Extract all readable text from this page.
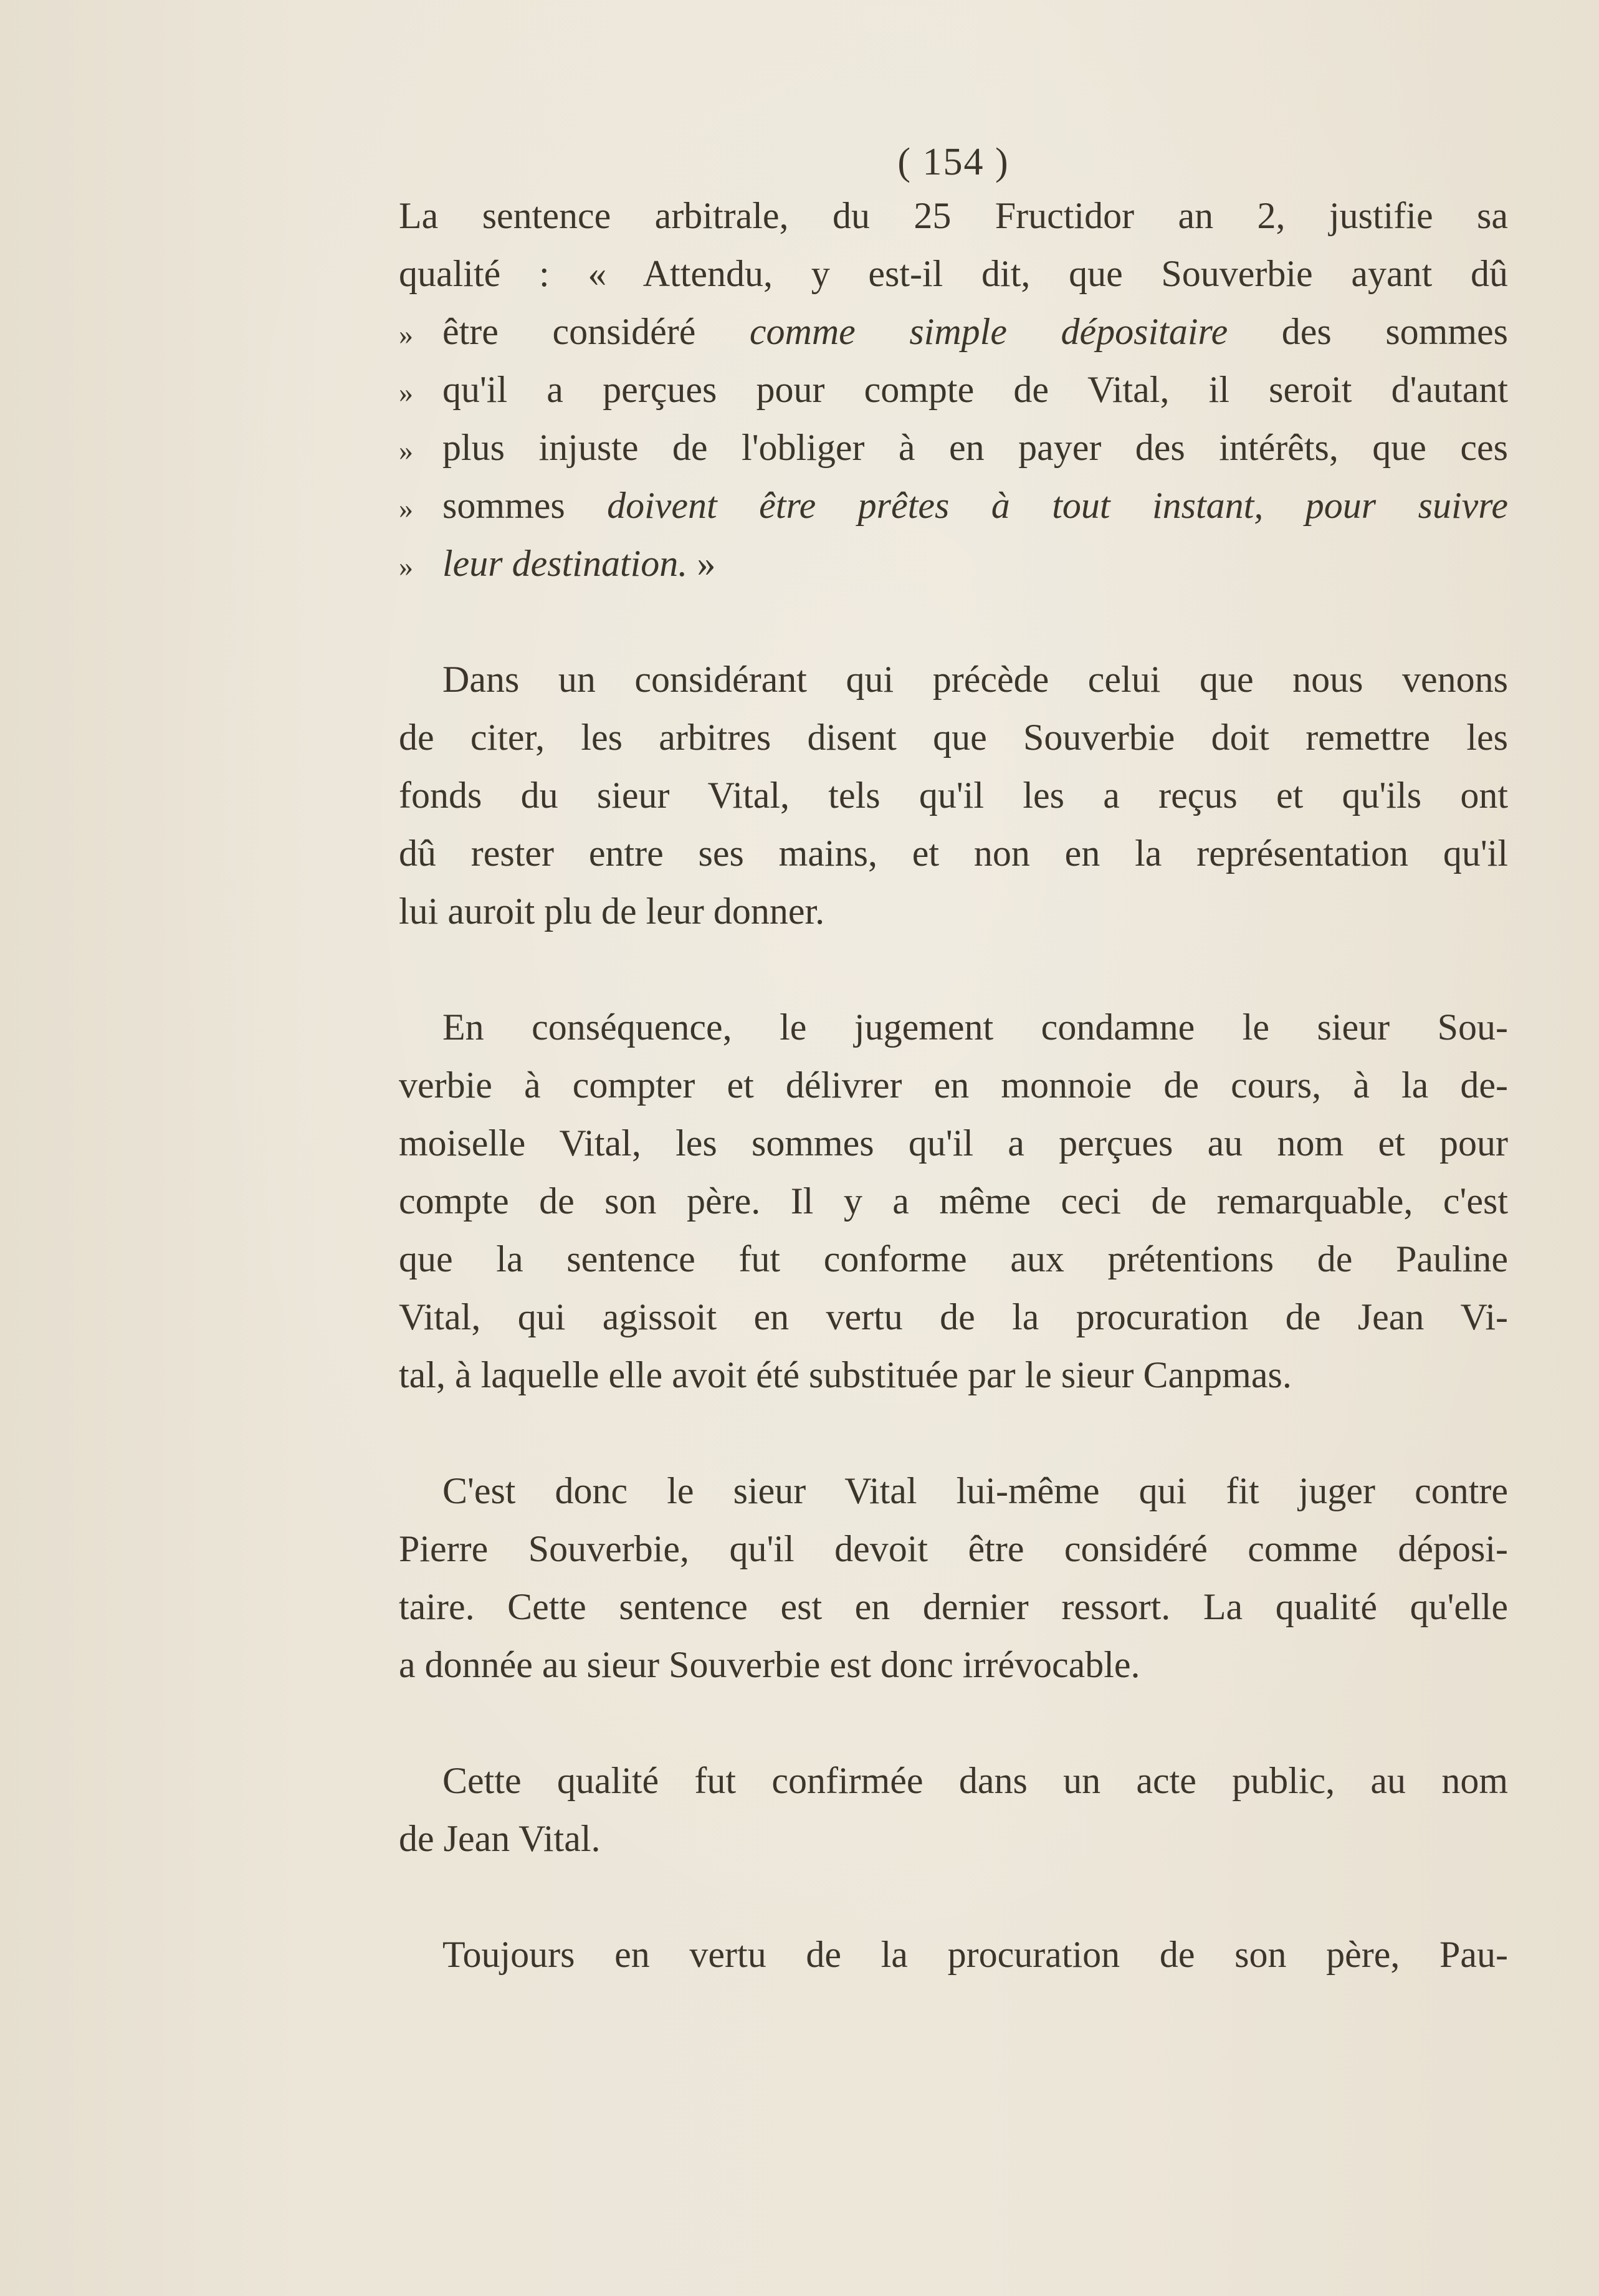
( 154 )
La sentence arbitrale, du 25 Fructidor an 2, justifie sa
qualité : « Attendu, y est-il dit, que Souverbie ayant dû
» être considéré comme simple dépositaire des sommes
» qu'il a perçues pour compte de Vital, il seroit d'autant
» plus injuste de l'obliger à en payer des intérêts, que ces
» sommes doivent être prêtes à tout instant, pour suivre
» leur destination. »
Dans un considérant qui précède celui que nous venons
de citer, les arbitres disent que Souverbie doit remettre les
fonds du sieur Vital, tels qu'il les a reçus et qu'ils ont
dû rester entre ses mains, et non en la représentation qu'il
lui auroit plu de leur donner.
En conséquence, le jugement condamne le sieur Sou-
verbie à compter et délivrer en monnoie de cours, à la de-
moiselle Vital, les sommes qu'il a perçues au nom et pour
compte de son père. Il y a même ceci de remarquable, c'est
que la sentence fut conforme aux prétentions de Pauline
Vital, qui agissoit en vertu de la procuration de Jean Vi-
tal, à laquelle elle avoit été substituée par le sieur Canpmas.
C'est donc le sieur Vital lui-même qui fit juger contre
Pierre Souverbie, qu'il devoit être considéré comme déposi-
taire. Cette sentence est en dernier ressort. La qualité qu'elle
a donnée au sieur Souverbie est donc irrévocable.
Cette qualité fut confirmée dans un acte public, au nom
de Jean Vital.
Toujours en vertu de la procuration de son père, Pau-
